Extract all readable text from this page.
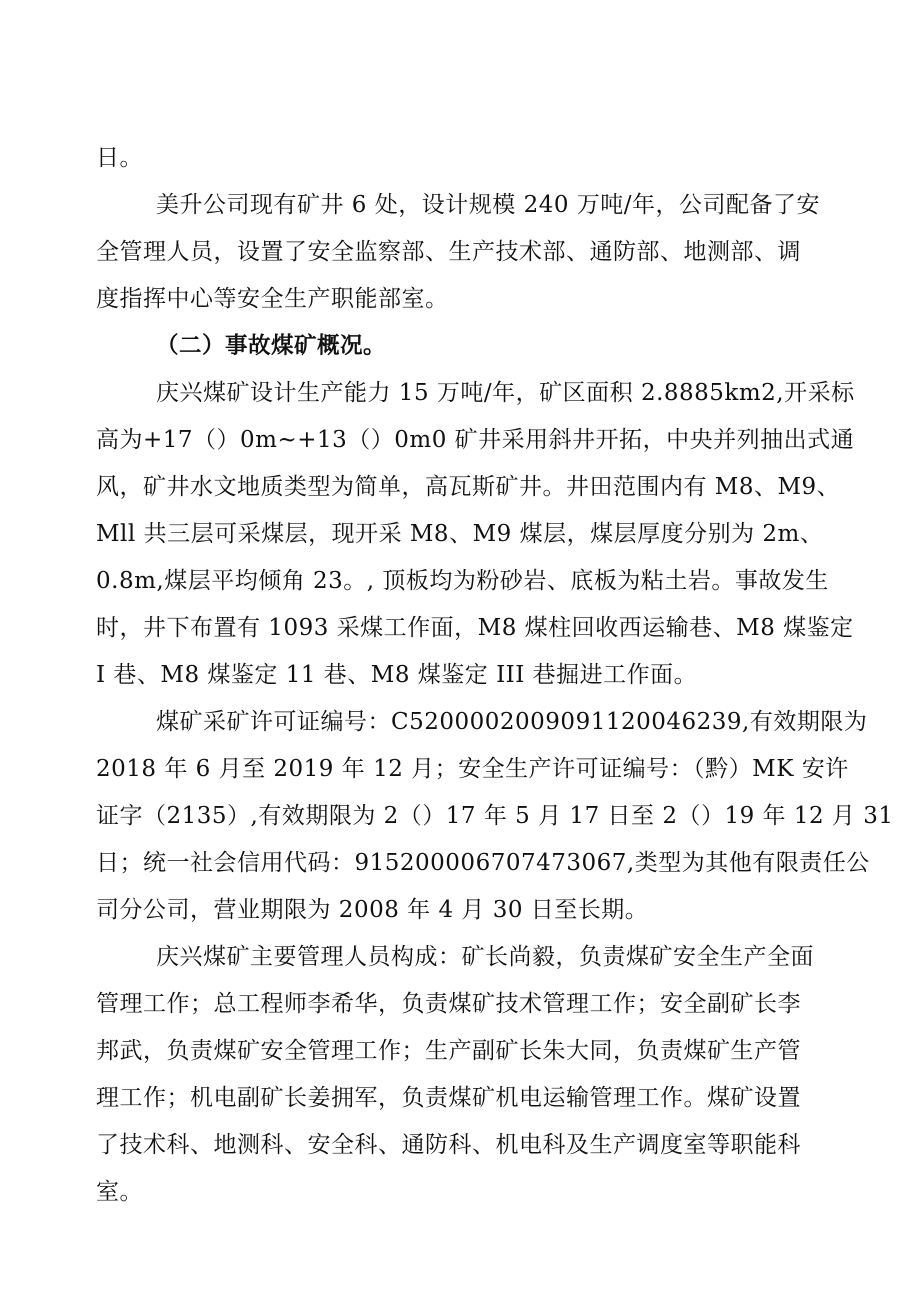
日。
美升公司现有矿井 6 处，设计规模 240 万吨/年，公司配备了安
全管理人员，设置了安全监察部、生产技术部、通防部、地测部、调
度指挥中心等安全生产职能部室。
（二）事故煤矿概况。
庆兴煤矿设计生产能力 15 万吨/年，矿区面积 2.8885km2,开采标
高为+17（）0m~+13（）0m0 矿井采用斜井开拓，中央并列抽出式通
风，矿井水文地质类型为简单，高瓦斯矿井。井田范围内有 M8、M9、
Mll 共三层可采煤层，现开采 M8、M9 煤层，煤层厚度分别为 2m、
0.8m,煤层平均倾角 23。, 顶板均为粉砂岩、底板为粘土岩。事故发生
时，井下布置有 1093 采煤工作面，M8 煤柱回收西运输巷、M8 煤鉴定
I 巷、M8 煤鉴定 11 巷、M8 煤鉴定 III 巷掘进工作面。
煤矿采矿许可证编号：C5200002009091120046239,有效期限为
2018 年 6 月至 2019 年 12 月；安全生产许可证编号：（黔）MK 安许
证字（2135）,有效期限为 2（）17 年 5 月 17 日至 2（）19 年 12 月 31
日；统一社会信用代码：915200006707473067,类型为其他有限责任公
司分公司，营业期限为 2008 年 4 月 30 日至长期。
庆兴煤矿主要管理人员构成：矿长尚毅，负责煤矿安全生产全面
管理工作；总工程师李希华，负责煤矿技术管理工作；安全副矿长李
邦武，负责煤矿安全管理工作；生产副矿长朱大同，负责煤矿生产管
理工作；机电副矿长姜拥军，负责煤矿机电运输管理工作。煤矿设置
了技术科、地测科、安全科、通防科、机电科及生产调度室等职能科
室。
